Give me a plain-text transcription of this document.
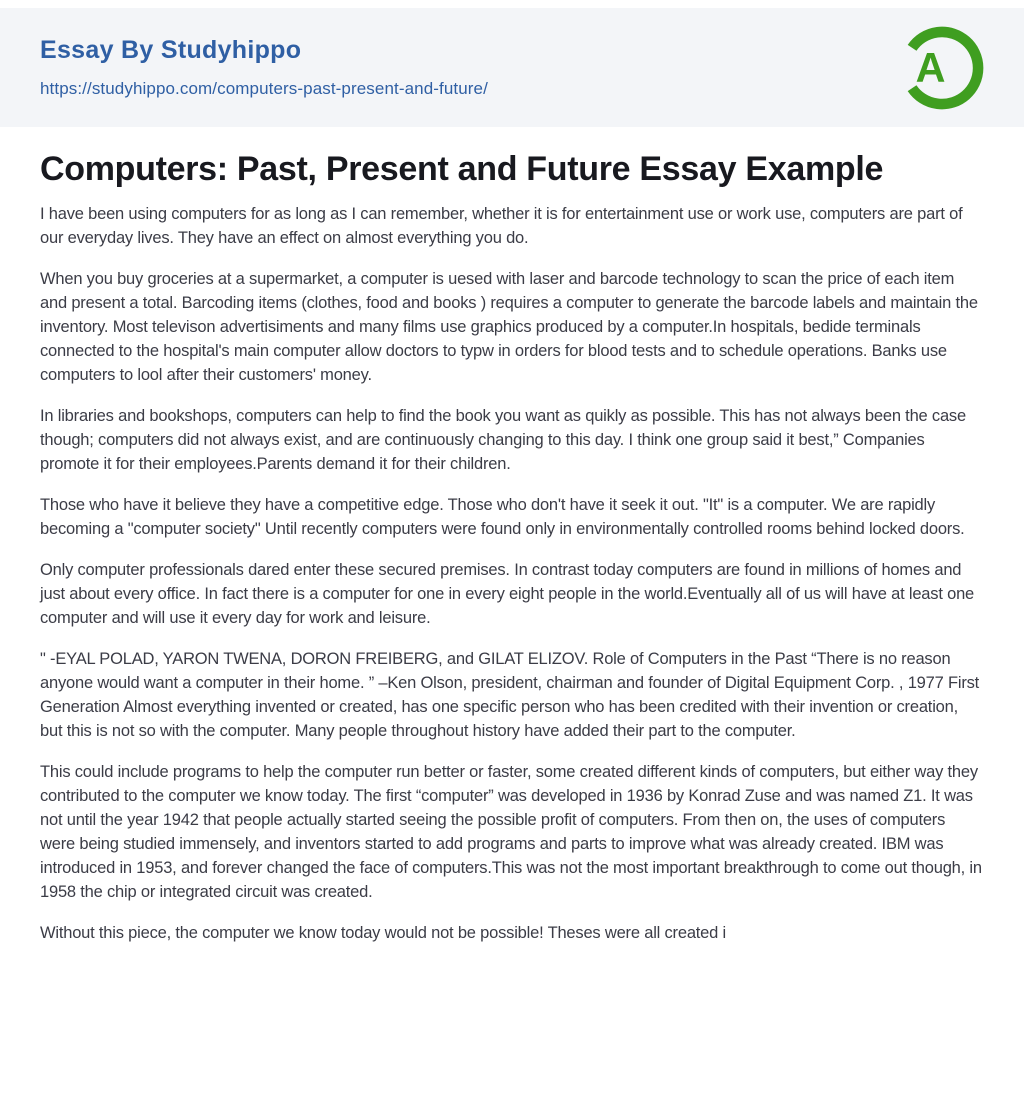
Essay By Studyhippo
https://studyhippo.com/computers-past-present-and-future/	A
Computers: Past, Present and Future Essay Example

I have been using computers for as long as I can remember, whether it is for entertainment use or work use, computers are part of our everyday lives. They have an effect on almost everything you do.

When you buy groceries at a supermarket, a computer is uesed with laser and barcode technology to scan the price of each item and present a total. Barcoding items (clothes, food and books ) requires a computer to generate the barcode labels and maintain the inventory. Most televison advertisiments and many films use graphics produced by a computer.In hospitals, bedide terminals connected to the hospital's main computer allow doctors to typw in orders for blood tests and to schedule operations. Banks use computers to lool after their customers' money.

In libraries and bookshops, computers can help to find the book you want as quikly as possible. This has not always been the case though; computers did not always exist, and are continuously changing to this day. I think one group said it best,” Companies promote it for their employees.Parents demand it for their children.

Those who have it believe they have a competitive edge. Those who don't have it seek it out. "It" is a computer. We are rapidly becoming a "computer society" Until recently computers were found only in environmentally controlled rooms behind locked doors.

Only computer professionals dared enter these secured premises. In contrast today computers are found in millions of homes and just about every office. In fact there is a computer for one in every eight people in the world.Eventually all of us will have at least one computer and will use it every day for work and leisure.

" -EYAL POLAD, YARON TWENA, DORON FREIBERG, and GILAT ELIZOV. Role of Computers in the Past “There is no reason anyone would want a computer in their home. ” –Ken Olson, president, chairman and founder of Digital Equipment Corp. , 1977 First Generation Almost everything invented or created, has one specific person who has been credited with their invention or creation, but this is not so with the computer. Many people throughout history have added their part to the computer.

This could include programs to help the computer run better or faster, some created different kinds of computers, but either way they contributed to the computer we know today. The first “computer” was developed in 1936 by Konrad Zuse and was named Z1. It was not until the year 1942 that people actually started seeing the possible profit of computers. From then on, the uses of computers were being studied immensely, and inventors started to add programs and parts to improve what was already created. IBM was introduced in 1953, and forever changed the face of computers.This was not the most important breakthrough to come out though, in 1958 the chip or integrated circuit was created.

Without this piece, the computer we know today would not be possible! Theses were all created i
